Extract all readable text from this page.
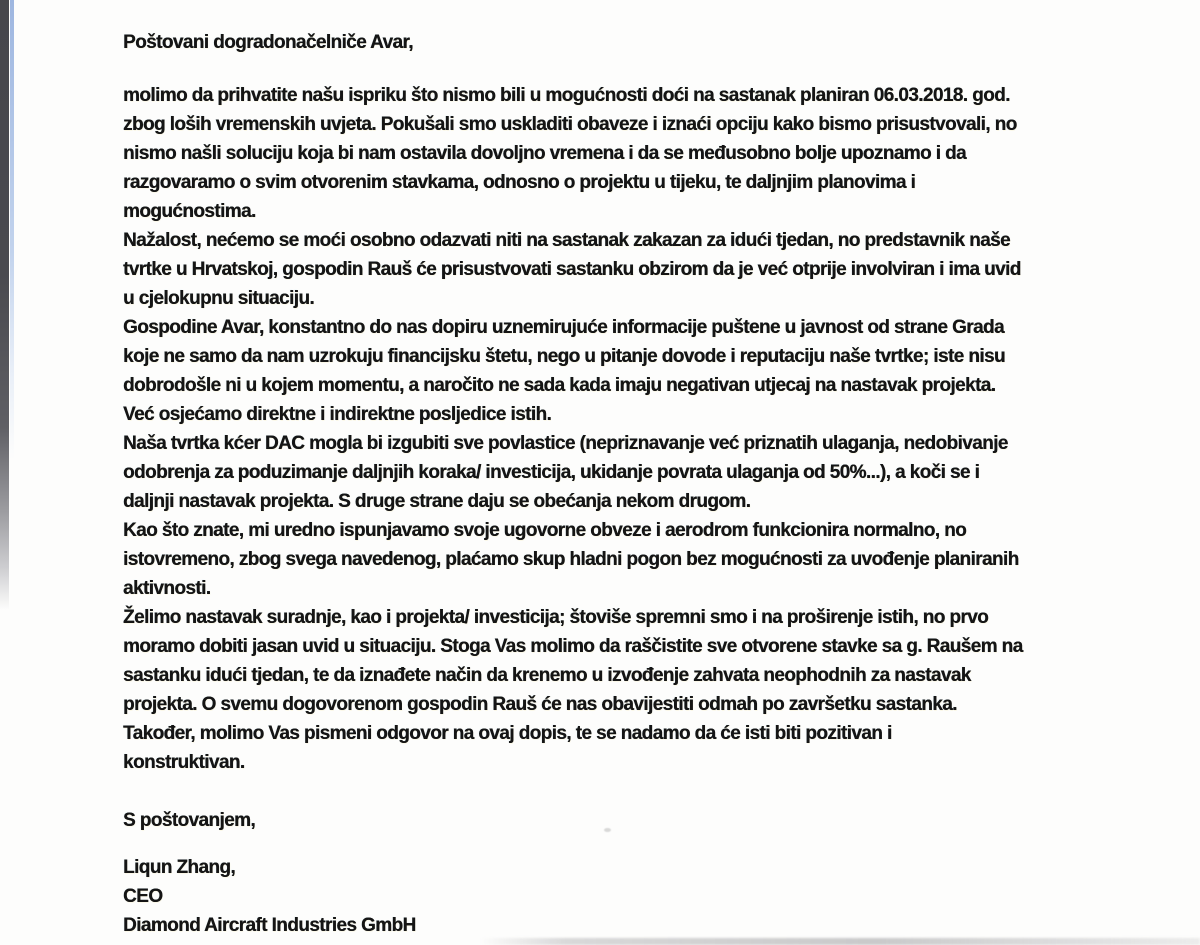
Poštovani dogradonačelniče Avar,
molimo da prihvatite našu ispriku što nismo bili u mogućnosti doći na sastanak planiran 06.03.2018. god.
zbog loših vremenskih uvjeta. Pokušali smo uskladiti obaveze i iznaći opciju kako bismo prisustvovali, no
nismo našli soluciju koja bi nam ostavila dovoljno vremena i da se međusobno bolje upoznamo i da
razgovaramo o svim otvorenim stavkama, odnosno o projektu u tijeku, te daljnjim planovima i
mogućnostima.
Nažalost, nećemo se moći osobno odazvati niti na sastanak zakazan za idući tjedan, no predstavnik naše
tvrtke u Hrvatskoj, gospodin Rauš će prisustvovati sastanku obzirom da je već otprije involviran i ima uvid
u cjelokupnu situaciju.
Gospodine Avar, konstantno do nas dopiru uznemirujuće informacije puštene u javnost od strane Grada
koje ne samo da nam uzrokuju financijsku štetu, nego u pitanje dovode i reputaciju naše tvrtke; iste nisu
dobrodošle ni u kojem momentu, a naročito ne sada kada imaju negativan utjecaj na nastavak projekta.
Već osjećamo direktne i indirektne posljedice istih.
Naša tvrtka kćer DAC mogla bi izgubiti sve povlastice (nepriznavanje već priznatih ulaganja, nedobivanje
odobrenja za poduzimanje daljnjih koraka/ investicija, ukidanje povrata ulaganja od 50%...), a koči se i
daljnji nastavak projekta. S druge strane daju se obećanja nekom drugom.
Kao što znate, mi uredno ispunjavamo svoje ugovorne obveze i aerodrom funkcionira normalno, no
istovremeno, zbog svega navedenog, plaćamo skup hladni pogon bez mogućnosti za uvođenje planiranih
aktivnosti.
Želimo nastavak suradnje, kao i projekta/ investicija; štoviše spremni smo i na proširenje istih, no prvo
moramo dobiti jasan uvid u situaciju. Stoga Vas molimo da raščistite sve otvorene stavke sa g. Raušem na
sastanku idući tjedan, te da iznađete način da krenemo u izvođenje zahvata neophodnih za nastavak
projekta. O svemu dogovorenom gospodin Rauš će nas obavijestiti odmah po završetku sastanka.
Također, molimo Vas pismeni odgovor na ovaj dopis, te se nadamo da će isti biti pozitivan i
konstruktivan.
S poštovanjem,
Liqun Zhang,
CEO
Diamond Aircraft Industries GmbH
